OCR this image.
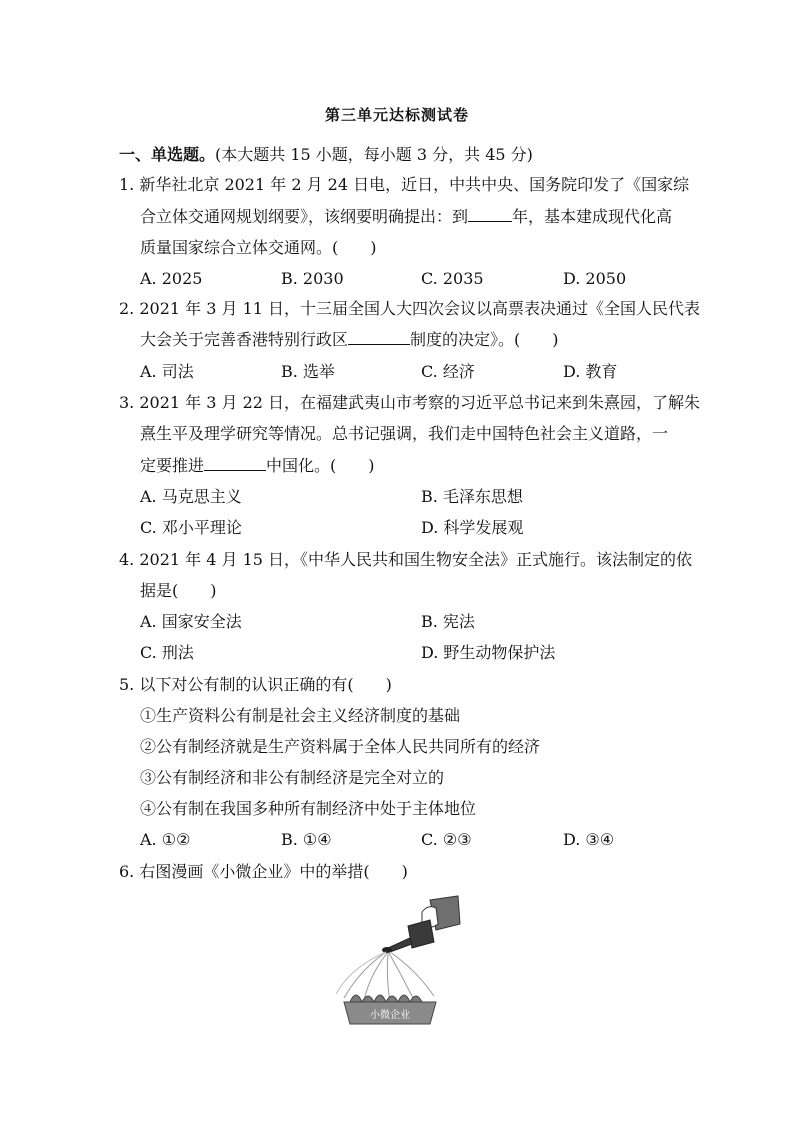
第三单元达标测试卷
一、单选题。(本大题共 15 小题，每小题 3 分，共 45 分)
1. 新华社北京 2021 年 2 月 24 日电，近日，中共中央、国务院印发了《国家综
合立体交通网规划纲要》，该纲要明确提出：到	年，基本建成现代化高
质量国家综合立体交通网。(　　)
A. 2025	B. 2030	C. 2035	D. 2050
2. 2021 年 3 月 11 日，十三届全国人大四次会议以高票表决通过《全国人民代表
大会关于完善香港特别行政区	制度的决定》。(　　)
A. 司法	B. 选举	C. 经济	D. 教育
3. 2021 年 3 月 22 日，在福建武夷山市考察的习近平总书记来到朱熹园，了解朱
熹生平及理学研究等情况。总书记强调，我们走中国特色社会主义道路，一
定要推进	中国化。(　　)
A. 马克思主义	B. 毛泽东思想
C. 邓小平理论	D. 科学发展观
4. 2021 年 4 月 15 日，《中华人民共和国生物安全法》正式施行。该法制定的依
据是(　　)
A. 国家安全法	B. 宪法
C. 刑法	D. 野生动物保护法
5. 以下对公有制的认识正确的有(　　)
①生产资料公有制是社会主义经济制度的基础
②公有制经济就是生产资料属于全体人民共同所有的经济
③公有制经济和非公有制经济是完全对立的
④公有制在我国多种所有制经济中处于主体地位
A. ①②	B. ①④	C. ②③	D. ③④
6. 右图漫画《小微企业》中的举措(　　)
小微企业
